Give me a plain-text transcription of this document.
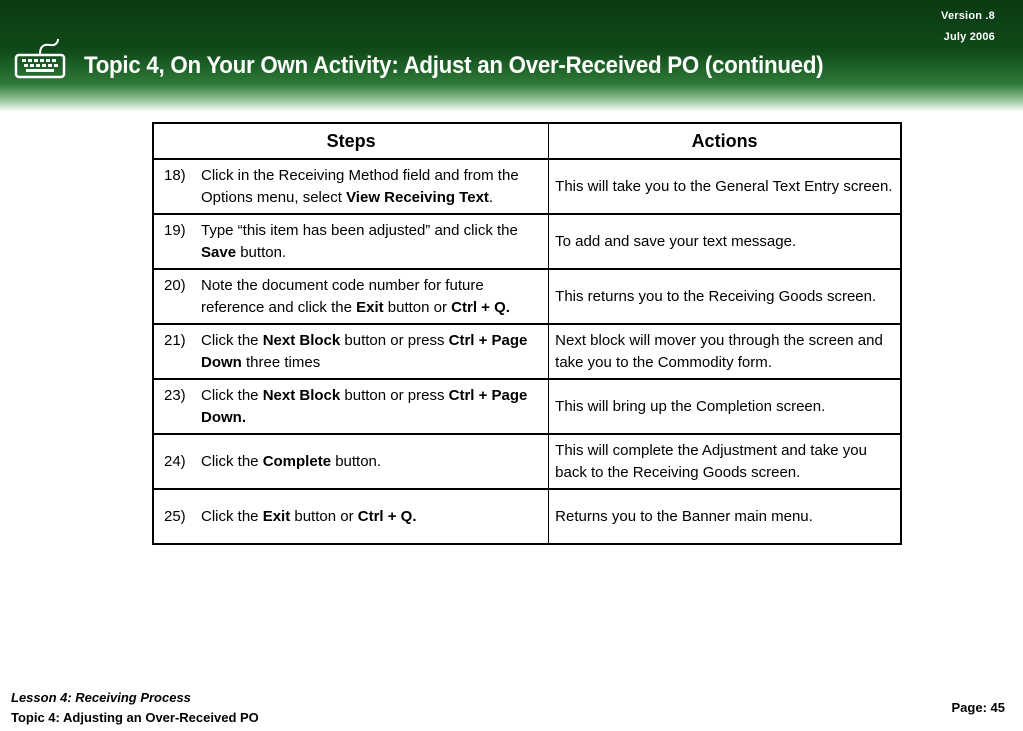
Version .8
July 2006
Topic 4, On Your Own Activity: Adjust an Over-Received PO (continued)
Steps	Actions

18) Click in the Receiving Method field and from the Options menu, select View Receiving Text.	This will take you to the General Text Entry screen.

19) Type “this item has been adjusted” and click the Save button.	To add and save your text message.

20) Note the document code number for future reference and click the Exit button or Ctrl + Q.	This returns you to the Receiving Goods screen.

21) Click the Next Block button or press Ctrl + Page Down three times	Next block will mover you through the screen and take you to the Commodity form.

23) Click the Next Block button or press Ctrl + Page Down.	This will bring up the Completion screen.

24) Click the Complete button.	This will complete the Adjustment and take you back to the Receiving Goods screen.

25) Click the Exit button or Ctrl + Q.	Returns you to the Banner main menu.
Lesson 4: Receiving Process
Topic 4: Adjusting an Over-Received PO
Page: 45
